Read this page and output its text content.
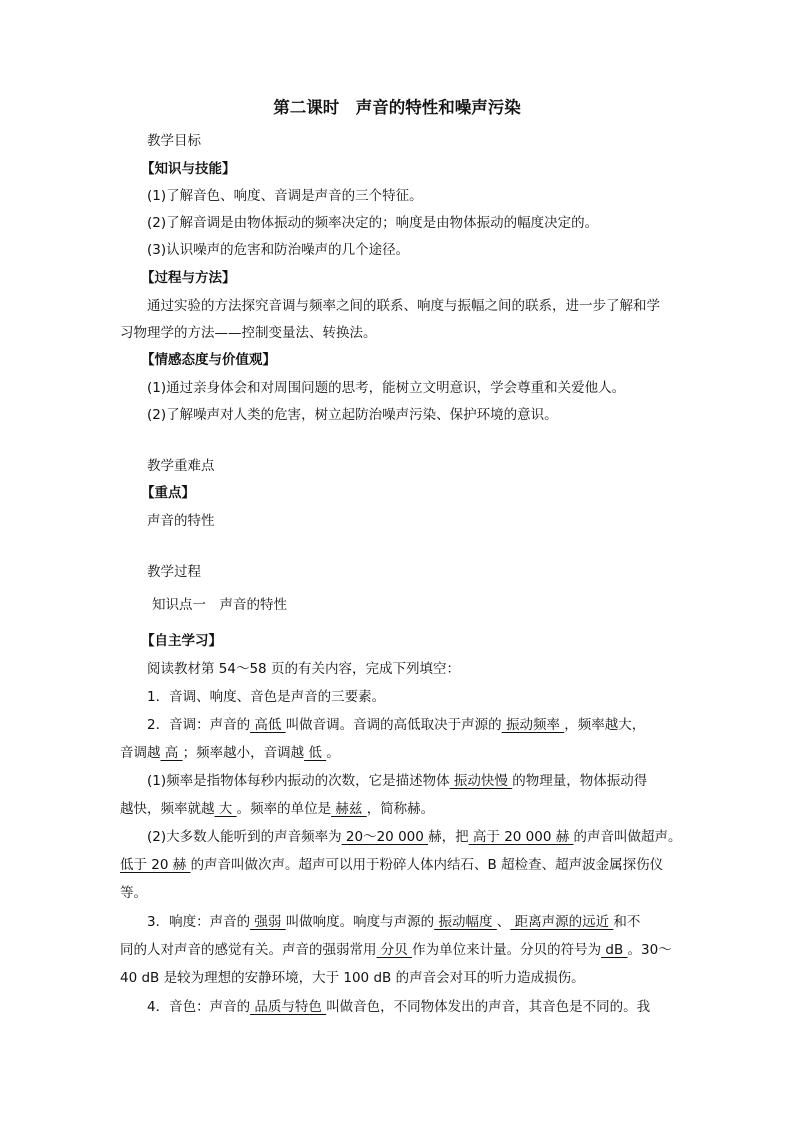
第二课时　声音的特性和噪声污染
教学目标
【知识与技能】
(1)了解音色、响度、音调是声音的三个特征。
(2)了解音调是由物体振动的频率决定的；响度是由物体振动的幅度决定的。
(3)认识噪声的危害和防治噪声的几个途径。
【过程与方法】
通过实验的方法探究音调与频率之间的联系、响度与振幅之间的联系，进一步了解和学
习物理学的方法——控制变量法、转换法。
【情感态度与价值观】
(1)通过亲身体会和对周围问题的思考，能树立文明意识，学会尊重和关爱他人。
(2)了解噪声对人类的危害，树立起防治噪声污染、保护环境的意识。
教学重难点
【重点】
声音的特性
教学过程
知识点一　声音的特性
【自主学习】
阅读教材第 54～58 页的有关内容，完成下列填空：
1．音调、响度、音色是声音的三要素。
2．音调：声音的 高低 叫做音调。音调的高低取决于声源的 振动频率 ，频率越大，
音调越 高 ；频率越小，音调越 低 。
(1)频率是指物体每秒内振动的次数，它是描述物体 振动快慢 的物理量，物体振动得
越快，频率就越 大 。频率的单位是 赫兹 ，简称赫。
(2)大多数人能听到的声音频率为 20～20 000 赫，把 高于 20 000 赫 的声音叫做超声。
低于 20 赫 的声音叫做次声。超声可以用于粉碎人体内结石、B 超检查、超声波金属探伤仪
等。
3．响度：声音的 强弱 叫做响度。响度与声源的 振动幅度 、 距离声源的远近 和不
同的人对声音的感觉有关。声音的强弱常用 分贝 作为单位来计量。分贝的符号为 dB 。30～
40 dB 是较为理想的安静环境，大于 100 dB 的声音会对耳的听力造成损伤。
4．音色：声音的 品质与特色 叫做音色，不同物体发出的声音，其音色是不同的。我
